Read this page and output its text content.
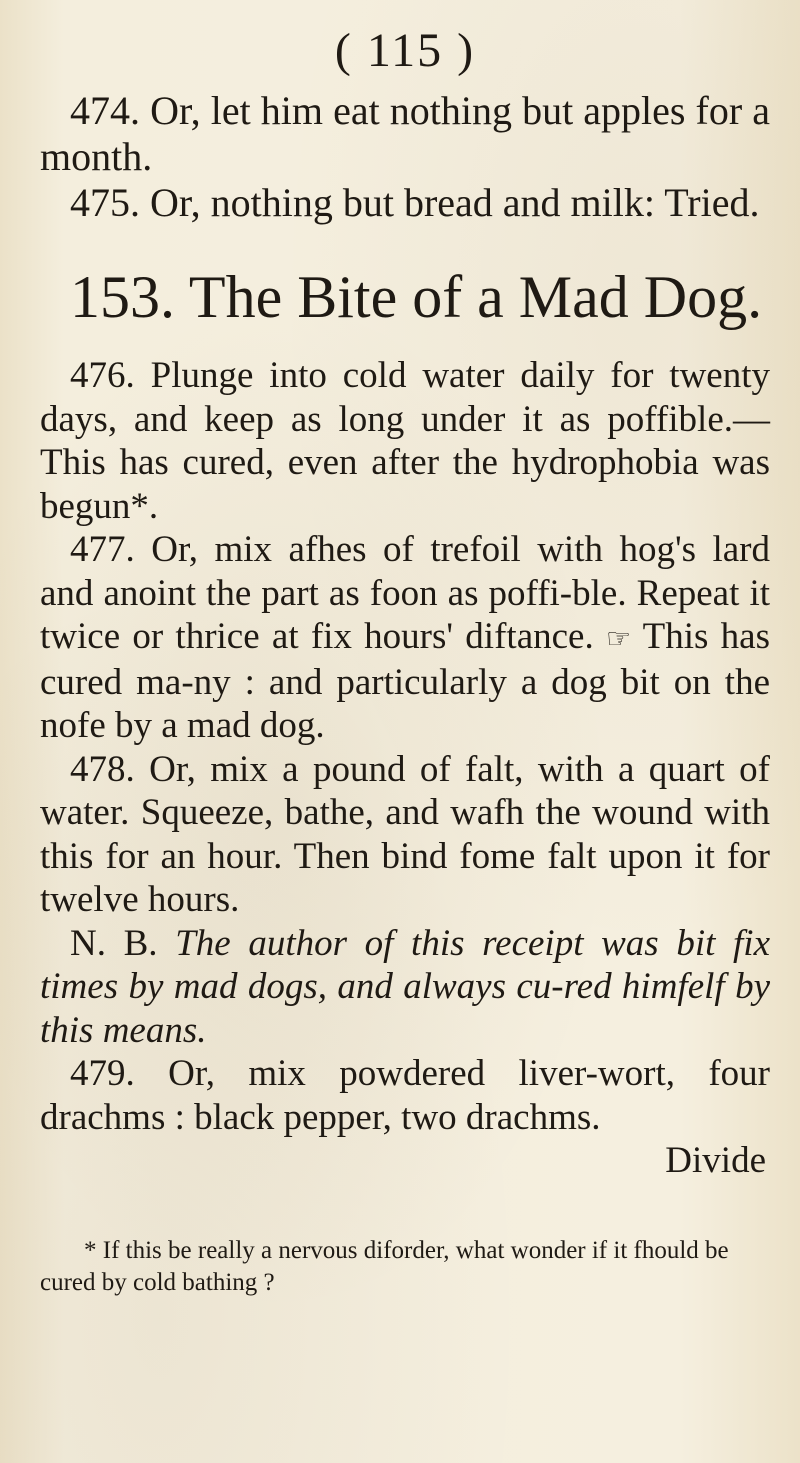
( 115 )

474. Or, let him eat nothing but apples for a month.

475. Or, nothing but bread and milk: Tried.

153. The Bite of a Mad Dog.

476. Plunge into cold water daily for twenty days, and keep as long under it as poffible.—This has cured, even after the hydrophobia was begun*.

477. Or, mix afhes of trefoil with hog's lard and anoint the part as foon as poffi-ble. Repeat it twice or thrice at fix hours' diftance. ☞ This has cured ma-ny : and particularly a dog bit on the nofe by a mad dog.

478. Or, mix a pound of falt, with a quart of water. Squeeze, bathe, and wafh the wound with this for an hour. Then bind fome falt upon it for twelve hours.

N. B. The author of this receipt was bit fix times by mad dogs, and always cu-red himfelf by this means.

479. Or, mix powdered liver-wort, four drachms : black pepper, two drachms.

Divide

* If this be really a nervous diforder, what wonder if it fhould be cured by cold bathing ?
